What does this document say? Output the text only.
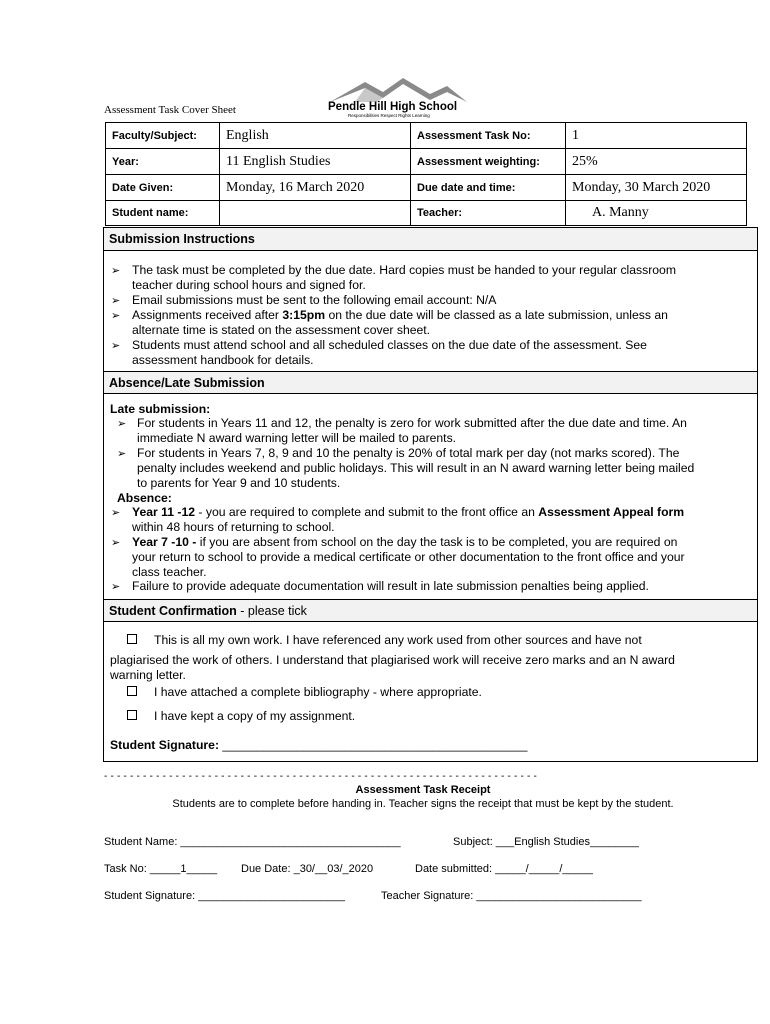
Assessment Task Cover Sheet	Pendle Hill High School
Responsibilities Respect Rights Learning
Faculty/Subject:	English	Assessment Task No:	1
Year:	11 English Studies	Assessment weighting:	25%
Date Given:	Monday, 16 March 2020	Due date and time:	Monday, 30 March 2020
Student name:		Teacher:	A. Manny
Submission Instructions
➢ The task must be completed by the due date. Hard copies must be handed to your regular classroom
teacher during school hours and signed for.
➢ Email submissions must be sent to the following email account: N/A
➢ Assignments received after 3:15pm on the due date will be classed as a late submission, unless an
alternate time is stated on the assessment cover sheet.
➢ Students must attend school and all scheduled classes on the due date of the assessment. See
assessment handbook for details.
Absence/Late Submission
Late submission:
➢ For students in Years 11 and 12, the penalty is zero for work submitted after the due date and time. An
immediate N award warning letter will be mailed to parents.
➢ For students in Years 7, 8, 9 and 10 the penalty is 20% of total mark per day (not marks scored). The
penalty includes weekend and public holidays. This will result in an N award warning letter being mailed
to parents for Year 9 and 10 students.
Absence:
➢ Year 11 -12 - you are required to complete and submit to the front office an Assessment Appeal form
within 48 hours of returning to school.
➢ Year 7 -10 - if you are absent from school on the day the task is to be completed, you are required on
your return to school to provide a medical certificate or other documentation to the front office and your
class teacher.
➢ Failure to provide adequate documentation will result in late submission penalties being applied.
Student Confirmation - please tick
This is all my own work. I have referenced any work used from other sources and have not
plagiarised the work of others. I understand that plagiarised work will receive zero marks and an N award
warning letter.
I have attached a complete bibliography - where appropriate.
I have kept a copy of my assignment.
Student Signature: _____________________________________________
- - - - - - - - - - - - - - - - - - - - - - - - - - - - - - - - - - - - - - - - - - - - - - - - - - - - - - - - - - - - - - - - - - -
Assessment Task Receipt
Students are to complete before handing in. Teacher signs the receipt that must be kept by the student.
Student Name: ____________________________________	Subject: ___English Studies________
Task No: _____1_____ Due Date: _30/__03/_2020	Date submitted: _____/_____/_____
Student Signature: ________________________	Teacher Signature: ___________________________
